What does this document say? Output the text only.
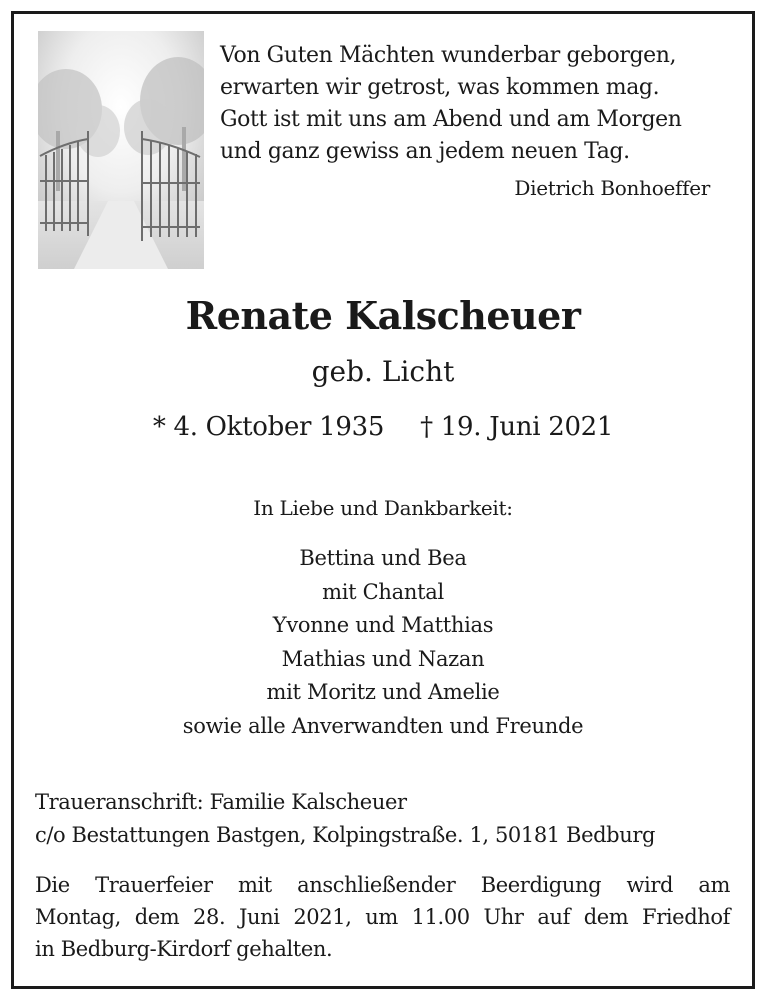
Von Guten Mächten wunderbar geborgen,
erwarten wir getrost, was kommen mag.
Gott ist mit uns am Abend und am Morgen
und ganz gewiss an jedem neuen Tag.
Dietrich Bonhoeffer
Renate Kalscheuer
geb. Licht
* 4. Oktober 1935 † 19. Juni 2021
In Liebe und Dankbarkeit:
Bettina und Bea
mit Chantal
Yvonne und Matthias
Mathias und Nazan
mit Moritz und Amelie
sowie alle Anverwandten und Freunde
Traueranschrift: Familie Kalscheuer
c/o Bestattungen Bastgen, Kolpingstraße. 1, 50181 Bedburg
Die Trauerfeier mit anschließender Beerdigung wird am
Montag, dem 28. Juni 2021, um 11.00 Uhr auf dem Friedhof
in Bedburg-Kirdorf gehalten.
